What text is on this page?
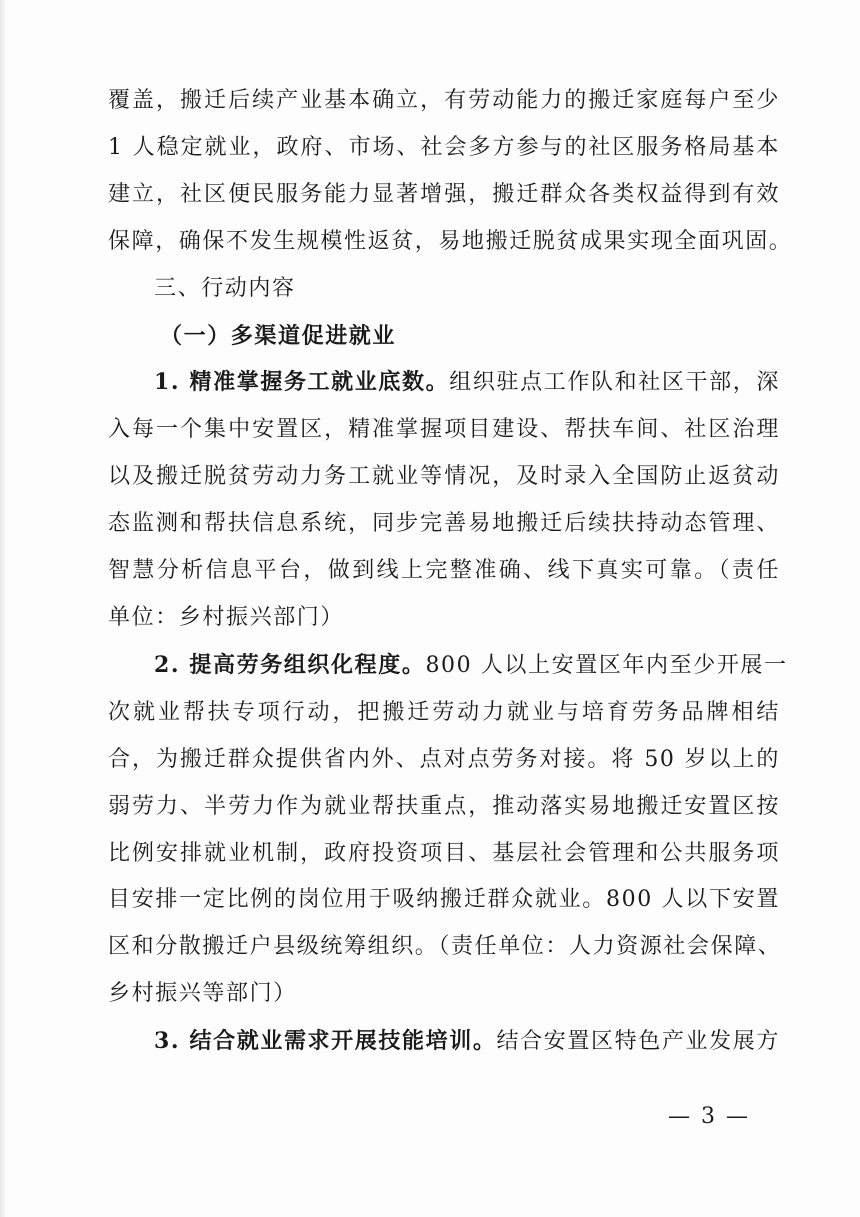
覆盖，搬迁后续产业基本确立，有劳动能力的搬迁家庭每户至少
1 人稳定就业，政府、市场、社会多方参与的社区服务格局基本
建立，社区便民服务能力显著增强，搬迁群众各类权益得到有效
保障，确保不发生规模性返贫，易地搬迁脱贫成果实现全面巩固。
三、行动内容
（一）多渠道促进就业
1. 精准掌握务工就业底数。组织驻点工作队和社区干部，深
入每一个集中安置区，精准掌握项目建设、帮扶车间、社区治理
以及搬迁脱贫劳动力务工就业等情况，及时录入全国防止返贫动
态监测和帮扶信息系统，同步完善易地搬迁后续扶持动态管理、
智慧分析信息平台，做到线上完整准确、线下真实可靠。（责任
单位：乡村振兴部门）
2. 提高劳务组织化程度。800 人以上安置区年内至少开展一
次就业帮扶专项行动，把搬迁劳动力就业与培育劳务品牌相结
合，为搬迁群众提供省内外、点对点劳务对接。将 50 岁以上的
弱劳力、半劳力作为就业帮扶重点，推动落实易地搬迁安置区按
比例安排就业机制，政府投资项目、基层社会管理和公共服务项
目安排一定比例的岗位用于吸纳搬迁群众就业。800 人以下安置
区和分散搬迁户县级统筹组织。（责任单位：人力资源社会保障、
乡村振兴等部门）
3. 结合就业需求开展技能培训。结合安置区特色产业发展方
— 3 —
